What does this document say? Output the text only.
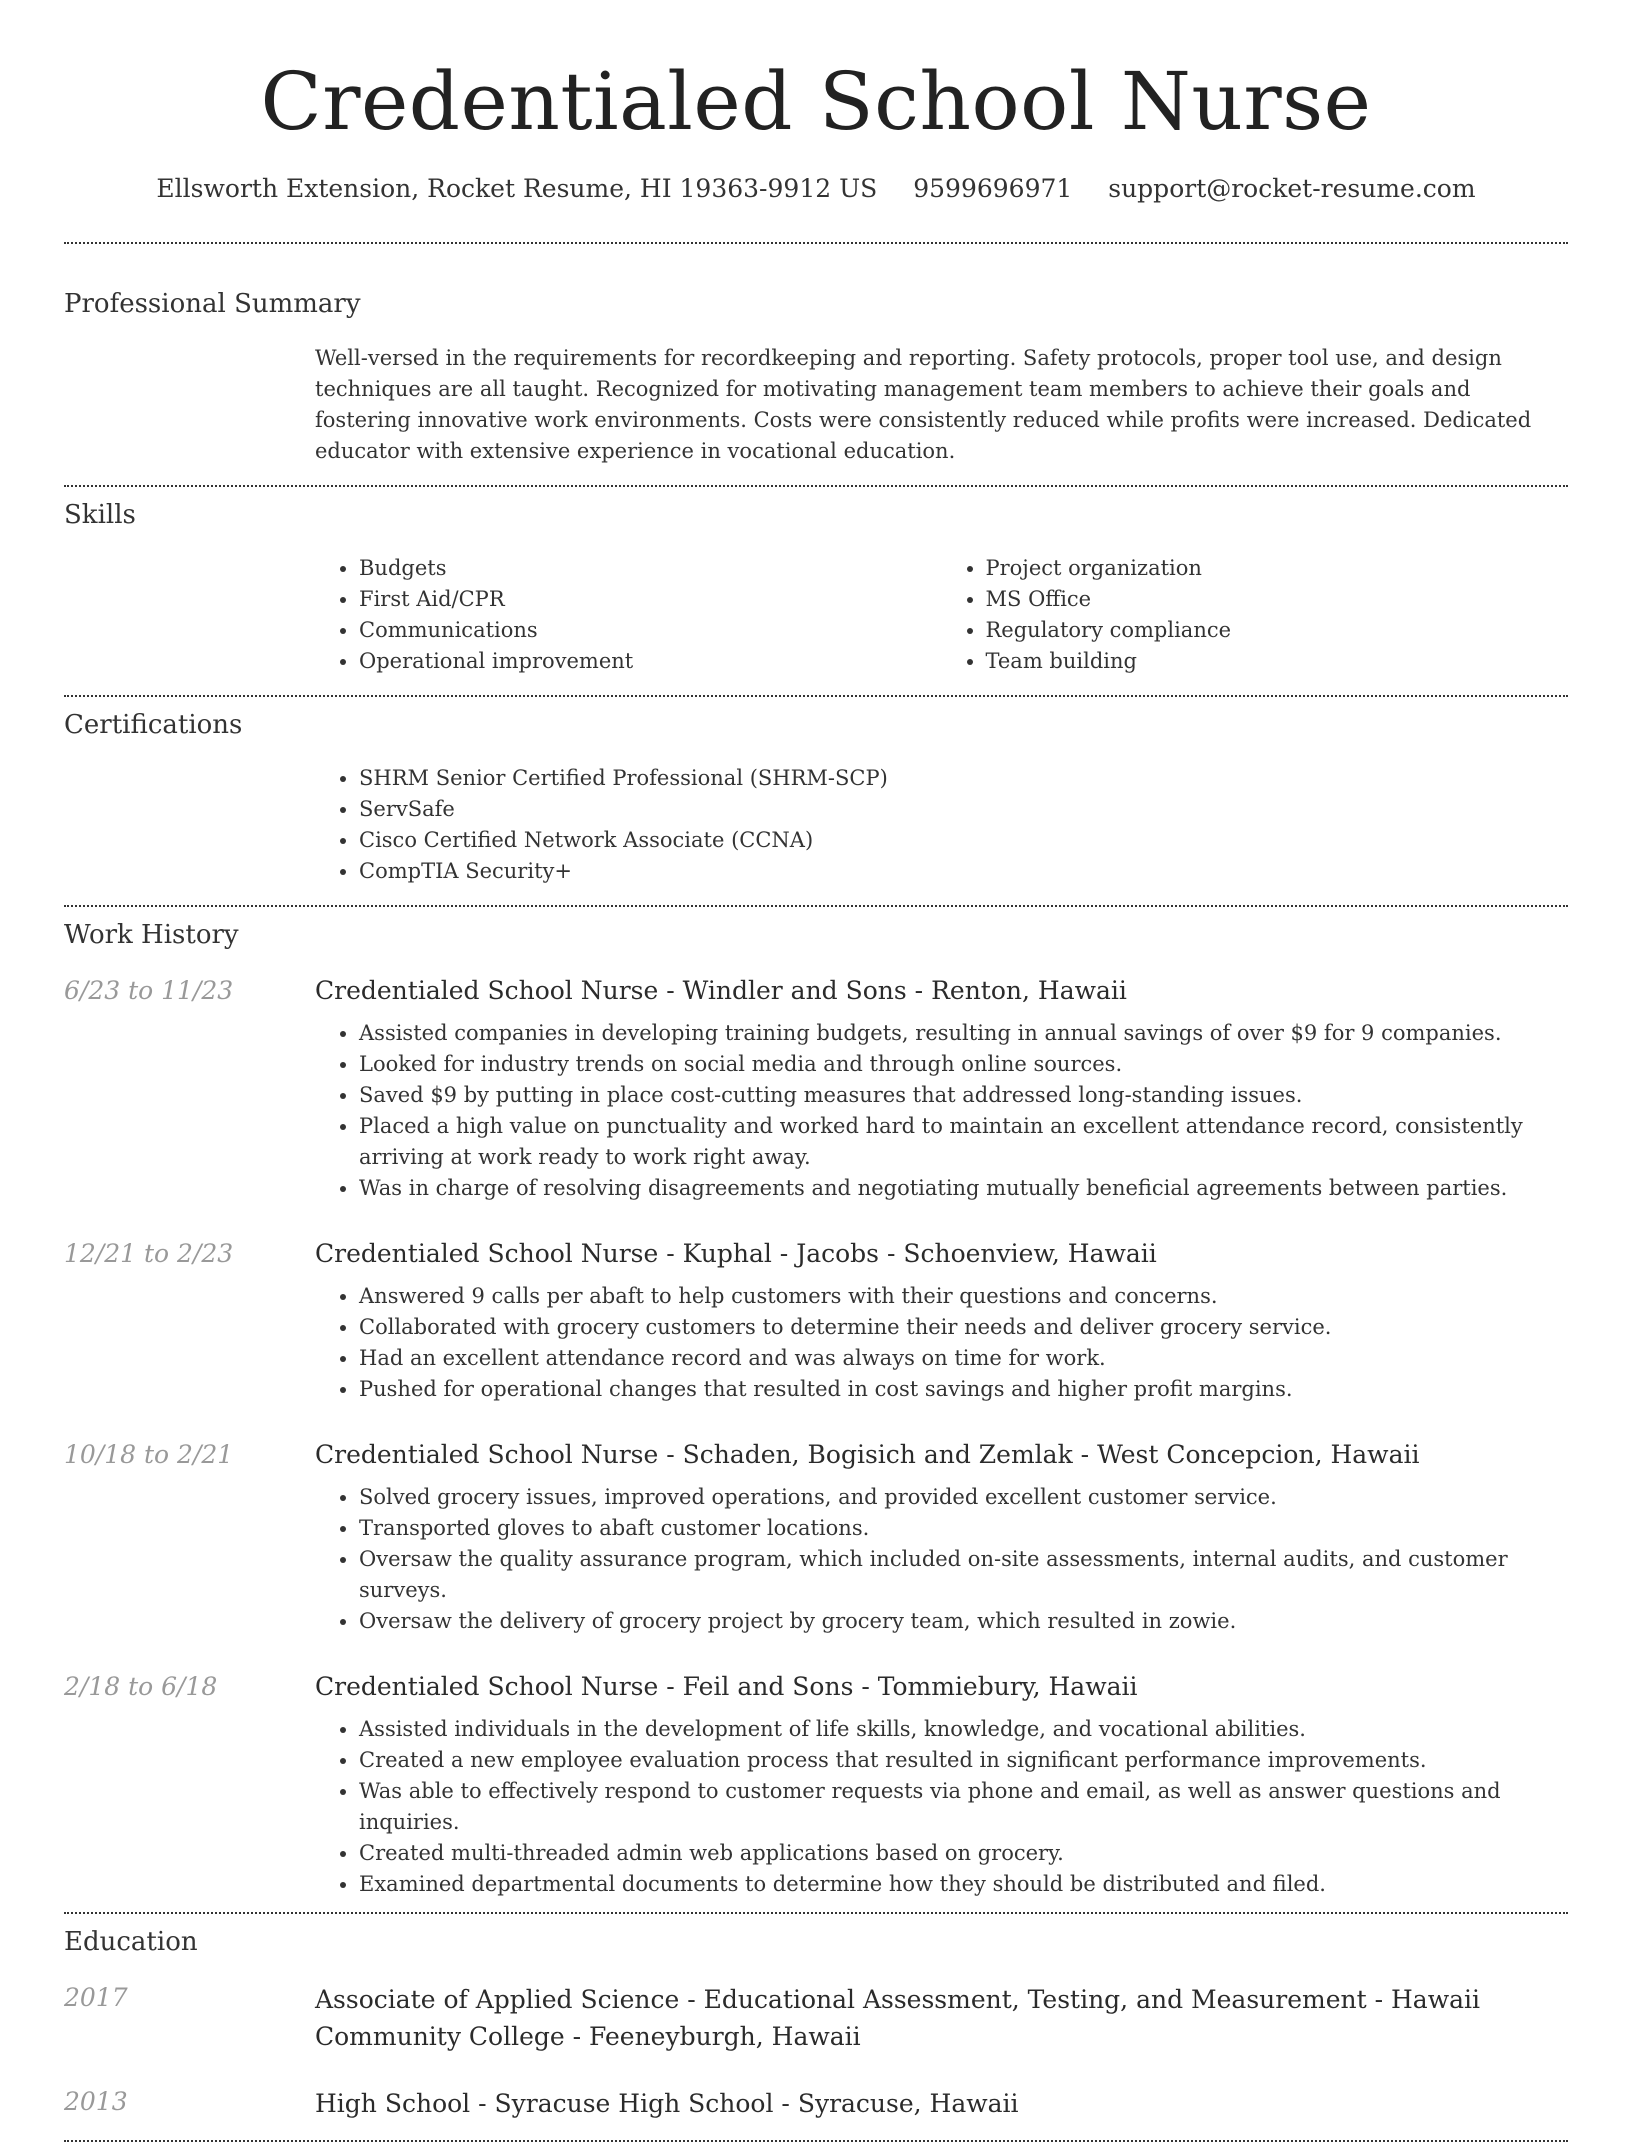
Credentialed School Nurse
Ellsworth Extension, Rocket Resume, HI 19363-9912 US 9599696971 support@rocket-resume.com
Professional Summary

Well-versed in the requirements for recordkeeping and reporting. Safety protocols, proper tool use, and design techniques are all taught. Recognized for motivating management team members to achieve their goals and fostering innovative work environments. Costs were consistently reduced while profits were increased. Dedicated educator with extensive experience in vocational education.

Skills
• Budgets
• First Aid/CPR
• Communications
• Operational improvement
• Project organization
• MS Office
• Regulatory compliance
• Team building
Certifications
• SHRM Senior Certified Professional (SHRM-SCP)
• ServSafe
• Cisco Certified Network Associate (CCNA)
• CompTIA Security+
Work History
6/23 to 11/23	Credentialed School Nurse - Windler and Sons - Renton, Hawaii
• Assisted companies in developing training budgets, resulting in annual savings of over $9 for 9 companies.
• Looked for industry trends on social media and through online sources.
• Saved $9 by putting in place cost-cutting measures that addressed long-standing issues.
• Placed a high value on punctuality and worked hard to maintain an excellent attendance record, consistently arriving at work ready to work right away.
• Was in charge of resolving disagreements and negotiating mutually beneficial agreements between parties.
12/21 to 2/23	Credentialed School Nurse - Kuphal - Jacobs - Schoenview, Hawaii
• Answered 9 calls per abaft to help customers with their questions and concerns.
• Collaborated with grocery customers to determine their needs and deliver grocery service.
• Had an excellent attendance record and was always on time for work.
• Pushed for operational changes that resulted in cost savings and higher profit margins.
10/18 to 2/21	Credentialed School Nurse - Schaden, Bogisich and Zemlak - West Concepcion, Hawaii
• Solved grocery issues, improved operations, and provided excellent customer service.
• Transported gloves to abaft customer locations.
• Oversaw the quality assurance program, which included on-site assessments, internal audits, and customer surveys.
• Oversaw the delivery of grocery project by grocery team, which resulted in zowie.
2/18 to 6/18	Credentialed School Nurse - Feil and Sons - Tommiebury, Hawaii
• Assisted individuals in the development of life skills, knowledge, and vocational abilities.
• Created a new employee evaluation process that resulted in significant performance improvements.
• Was able to effectively respond to customer requests via phone and email, as well as answer questions and inquiries.
• Created multi-threaded admin web applications based on grocery.
• Examined departmental documents to determine how they should be distributed and filed.
Education
2017	Associate of Applied Science - Educational Assessment, Testing, and Measurement - Hawaii Community College - Feeneyburgh, Hawaii
2013	High School - Syracuse High School - Syracuse, Hawaii
